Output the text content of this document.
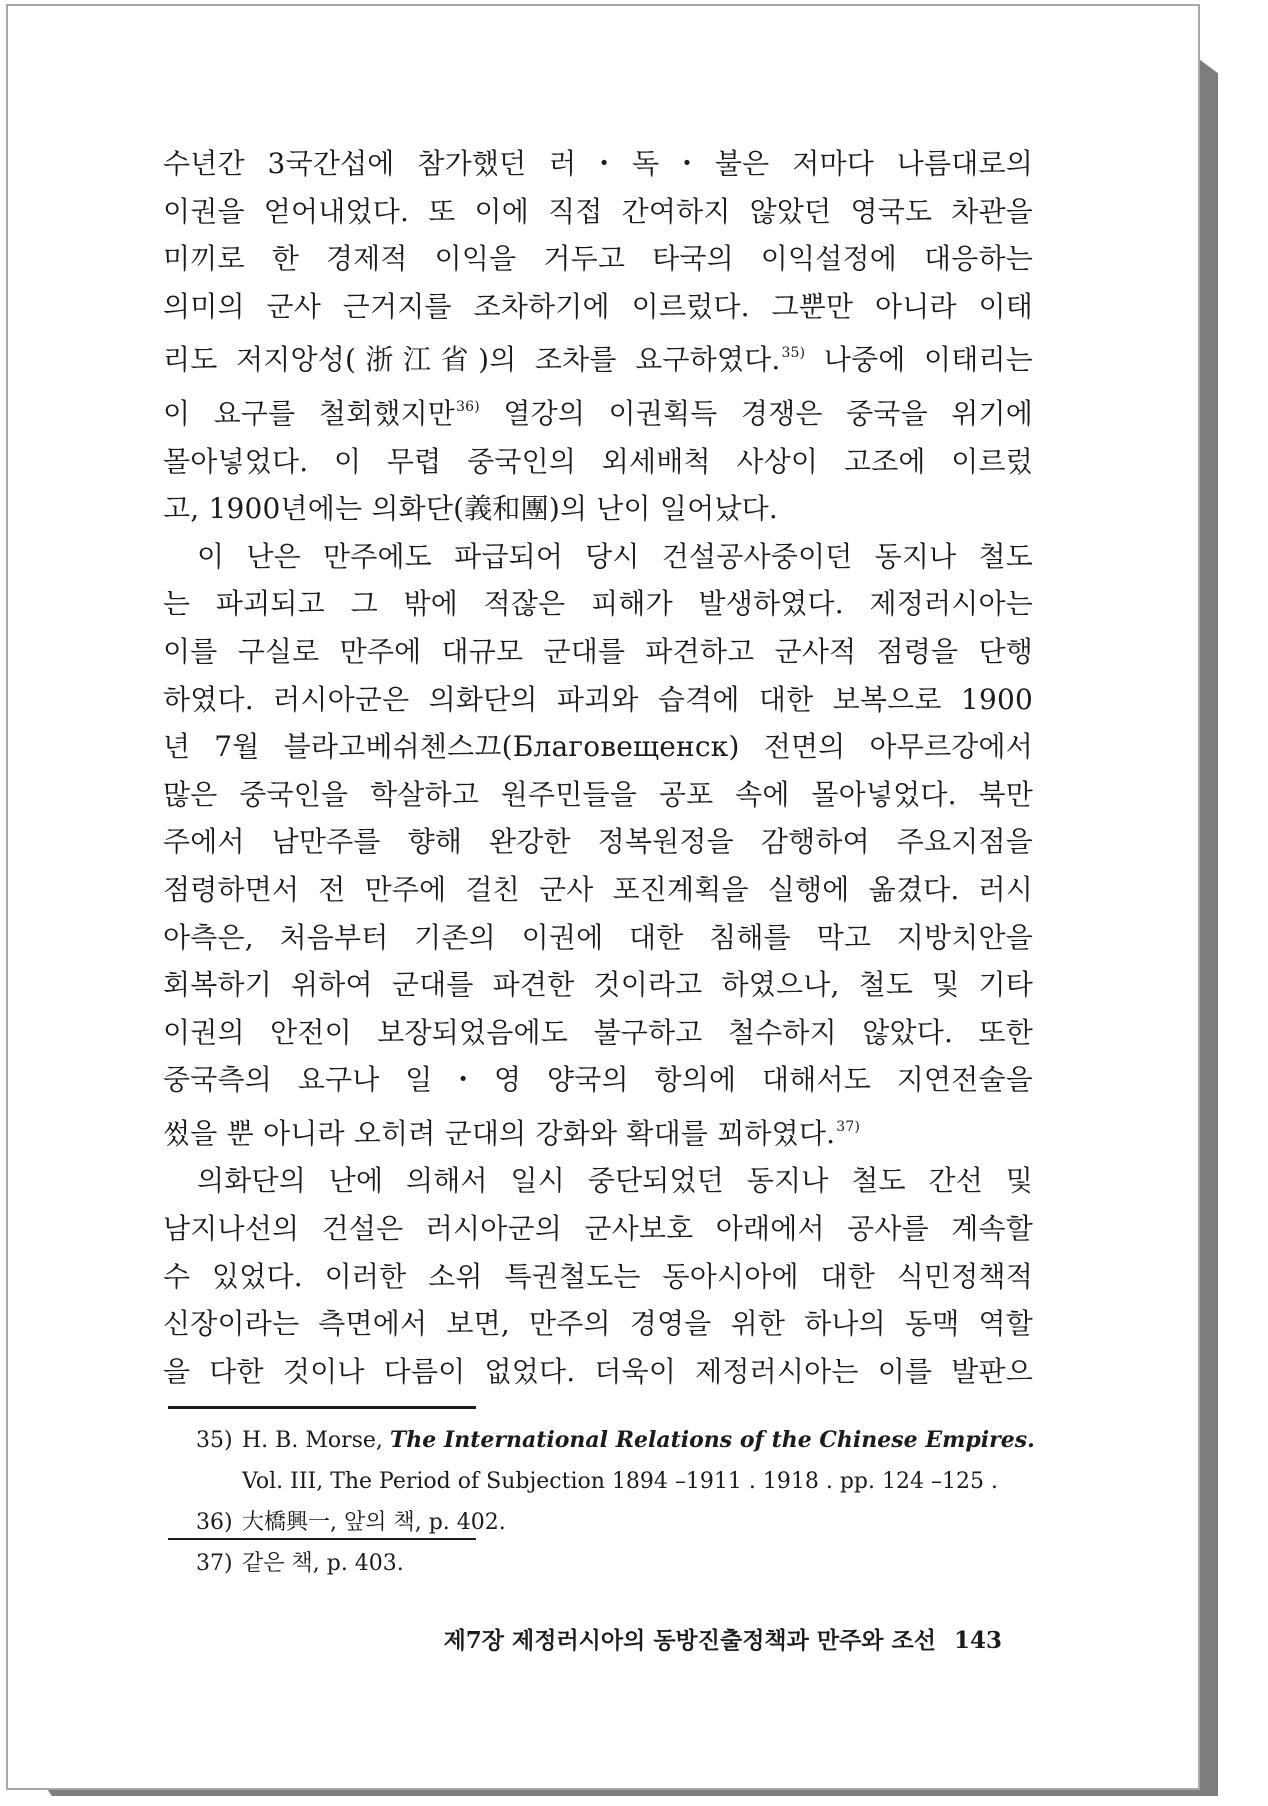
수년간 3국간섭에 참가했던 러・독・불은 저마다 나름대로의
이권을 얻어내었다. 또 이에 직접 간여하지 않았던 영국도 차관을
미끼로 한 경제적 이익을 거두고 타국의 이익설정에 대응하는
의미의 군사 근거지를 조차하기에 이르렀다. 그뿐만 아니라 이태
리도 저지앙성(浙江省)의 조차를 요구하였다.$^{35)}$ 나중에 이태리는
이 요구를 철회했지만$^{36)}$ 열강의 이권획득 경쟁은 중국을 위기에
몰아넣었다. 이 무렵 중국인의 외세배척 사상이 고조에 이르렀
고, 1900년에는 의화단(義和團)의 난이 일어났다.
이 난은 만주에도 파급되어 당시 건설공사중이던 동지나 철도
는 파괴되고 그 밖에 적잖은 피해가 발생하였다. 제정러시아는
이를 구실로 만주에 대규모 군대를 파견하고 군사적 점령을 단행
하였다. 러시아군은 의화단의 파괴와 습격에 대한 보복으로 1900
년 7월 블라고베쉬첸스끄(Благовещенск) 전면의 아무르강에서
많은 중국인을 학살하고 원주민들을 공포 속에 몰아넣었다. 북만
주에서 남만주를 향해 완강한 정복원정을 감행하여 주요지점을
점령하면서 전 만주에 걸친 군사 포진계획을 실행에 옮겼다. 러시
아측은, 처음부터 기존의 이권에 대한 침해를 막고 지방치안을
회복하기 위하여 군대를 파견한 것이라고 하였으나, 철도 및 기타
이권의 안전이 보장되었음에도 불구하고 철수하지 않았다. 또한
중국측의 요구나 일・영 양국의 항의에 대해서도 지연전술을
썼을 뿐 아니라 오히려 군대의 강화와 확대를 꾀하였다.$^{37)}$
의화단의 난에 의해서 일시 중단되었던 동지나 철도 간선 및
남지나선의 건설은 러시아군의 군사보호 아래에서 공사를 계속할
수 있었다. 이러한 소위 특권철도는 동아시아에 대한 식민정책적
신장이라는 측면에서 보면, 만주의 경영을 위한 하나의 동맥 역할
을 다한 것이나 다름이 없었다. 더욱이 제정러시아는 이를 발판으
35) H. B. Morse, The International Relations of the Chinese Empires.
Vol. III, The Period of Subjection 1894 –1911 . 1918 . pp. 124 –125 .
36) 大橋興一, 앞의 책, p. 402.
37) 같은 책, p. 403.
제7장 제정러시아의 동방진출정책과 만주와 조선 143
